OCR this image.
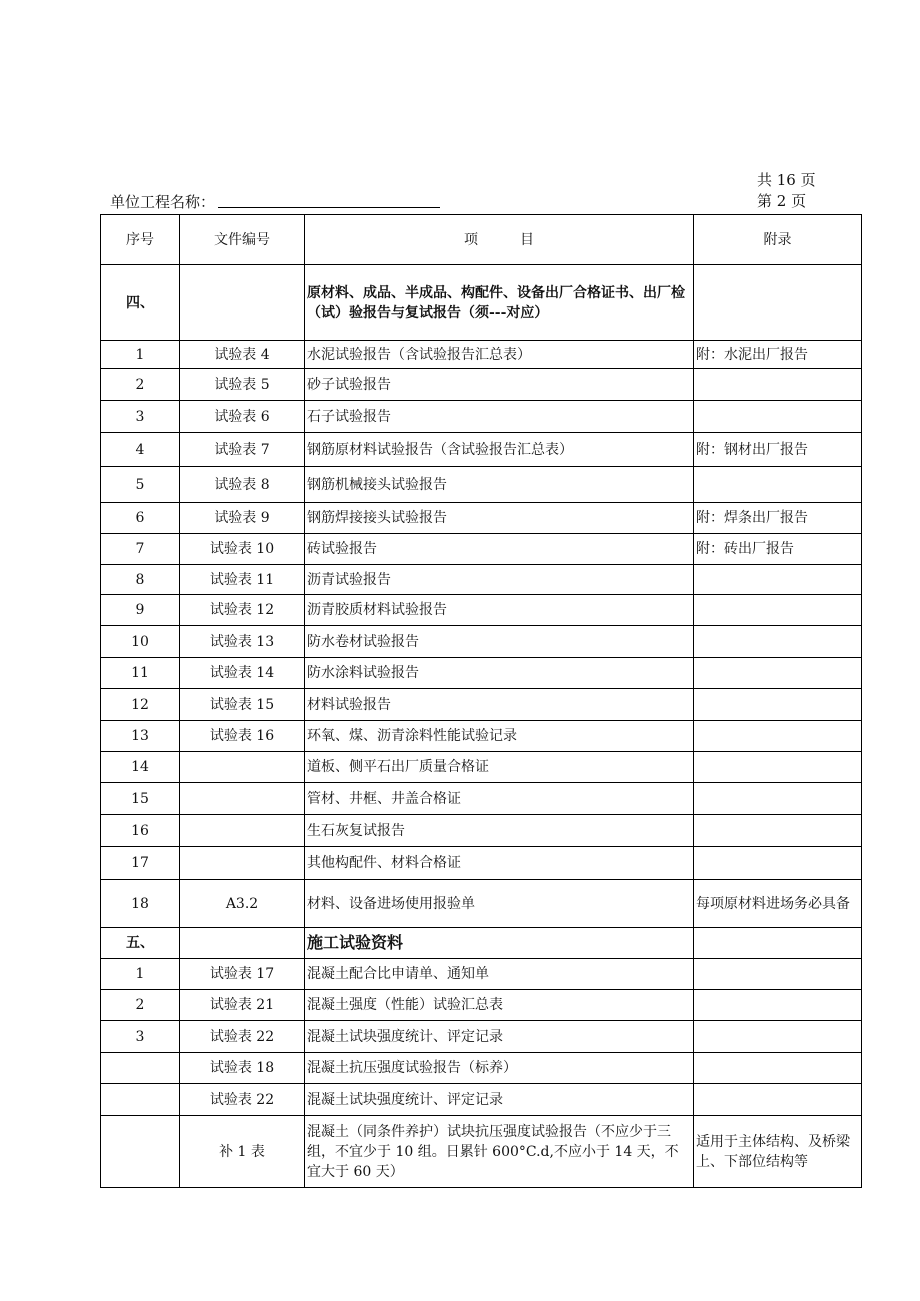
共 16 页
单位工程名称：	第 2 页
序号	文件编号	项　　　目	附录
四、		原材料、成品、半成品、构配件、设备出厂合格证书、出厂检（试）验报告与复试报告（须---对应）	
1	试验表 4	水泥试验报告（含试验报告汇总表）	附：水泥出厂报告
2	试验表 5	砂子试验报告	
3	试验表 6	石子试验报告	
4	试验表 7	钢筋原材料试验报告（含试验报告汇总表）	附：钢材出厂报告
5	试验表 8	钢筋机械接头试验报告	
6	试验表 9	钢筋焊接接头试验报告	附：焊条出厂报告
7	试验表 10	砖试验报告	附：砖出厂报告
8	试验表 11	沥青试验报告	
9	试验表 12	沥青胶质材料试验报告	
10	试验表 13	防水卷材试验报告	
11	试验表 14	防水涂料试验报告	
12	试验表 15	材料试验报告	
13	试验表 16	环氧、煤、沥青涂料性能试验记录	
14		道板、侧平石出厂质量合格证	
15		管材、井框、井盖合格证	
16		生石灰复试报告	
17		其他构配件、材料合格证	
18	A3.2	材料、设备进场使用报验单	每项原材料进场务必具备
五、		施工试验资料	
1	试验表 17	混凝土配合比申请单、通知单	
2	试验表 21	混凝土强度（性能）试验汇总表	
3	试验表 22	混凝土试块强度统计、评定记录	
	试验表 18	混凝土抗压强度试验报告（标养）	
	试验表 22	混凝土试块强度统计、评定记录	
	补 1 表	混凝土（同条件养护）试块抗压强度试验报告（不应少于三组，不宜少于 10 组。日累针 600°C.d,不应小于 14 天，不宜大于 60 天）	适用于主体结构、及桥梁上、下部位结构等
